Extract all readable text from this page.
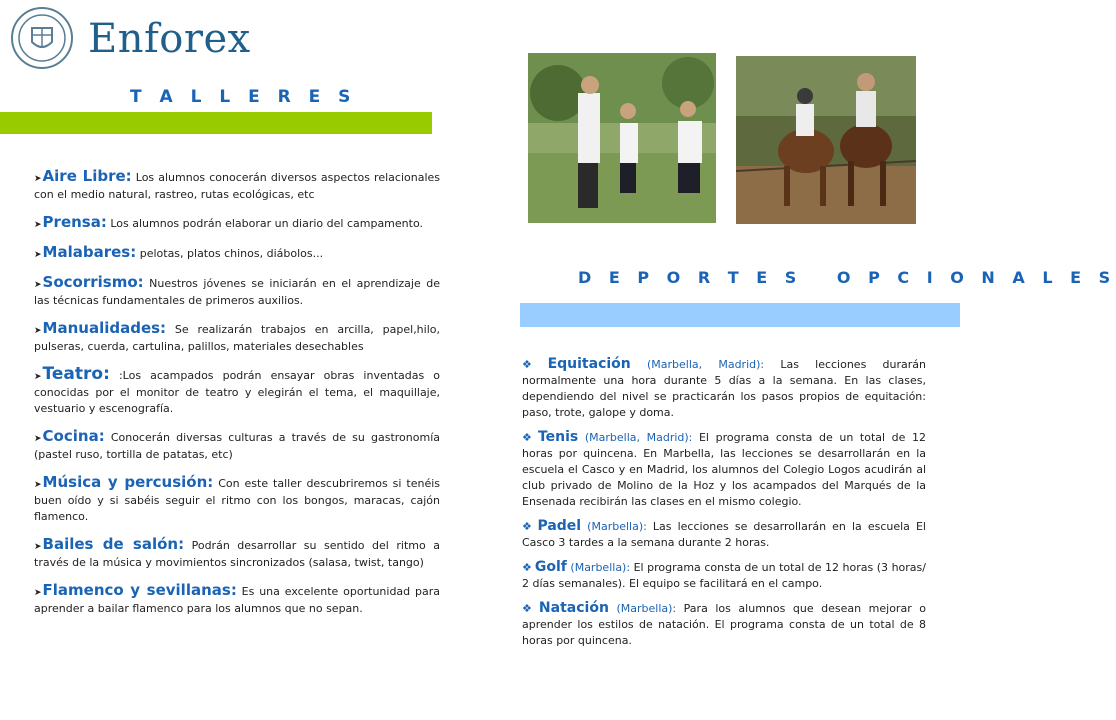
Enforex
T A L L E R E S
➤Aire Libre: Los alumnos conocerán diversos aspectos relacionales con el medio natural, rastreo, rutas ecológicas, etc
➤Prensa: Los alumnos podrán elaborar un diario del campamento.
➤Malabares: pelotas, platos chinos, diábolos...
➤Socorrismo: Nuestros jóvenes se iniciarán en el aprendizaje de las técnicas fundamentales de primeros auxilios.
➤Manualidades: Se realizarán trabajos en arcilla, papel,hilo, pulseras, cuerda, cartulina, palillos, materiales desechables
➤Teatro: :Los acampados podrán ensayar obras inventadas o conocidas por el monitor de teatro y elegirán el tema, el maquillaje, vestuario y escenografía.
➤Cocina: Conocerán diversas culturas a través de su gastronomía (pastel ruso, tortilla de patatas, etc)
➤Música y percusión: Con este taller descubriremos si tenéis buen oído y si sabéis seguir el ritmo con los bongos, maracas, cajón flamenco.
➤Bailes de salón: Podrán desarrollar su sentido del ritmo a través de la música y movimientos sincronizados (salasa, twist, tango)
➤Flamenco y sevillanas: Es una excelente oportunidad para aprender a bailar flamenco para los alumnos que no sepan.
D E P O R T E S   O P C I O N A L E S
❖ Equitación (Marbella, Madrid): Las lecciones durarán normalmente una hora durante 5 días a la semana. En las clases, dependiendo del nivel se practicarán los pasos propios de equitación: paso, trote, galope y doma.
❖ Tenis (Marbella, Madrid): El programa consta de un total de 12 horas por quincena. En Marbella, las lecciones se desarrollarán en la escuela el Casco y en Madrid, los alumnos del Colegio Logos acudirán al club privado de Molino de la Hoz y los acampados del Marqués de la Ensenada recibirán las clases en el mismo colegio.
❖ Padel (Marbella): Las lecciones se desarrollarán en la escuela El Casco 3 tardes a la semana durante 2 horas.
❖ Golf (Marbella): El programa consta de un total de 12 horas (3 horas/ 2 días semanales). El equipo se facilitará en el campo.
❖ Natación (Marbella): Para los alumnos que desean mejorar o aprender los estilos de natación. El programa consta de un total de 8 horas por quincena.
